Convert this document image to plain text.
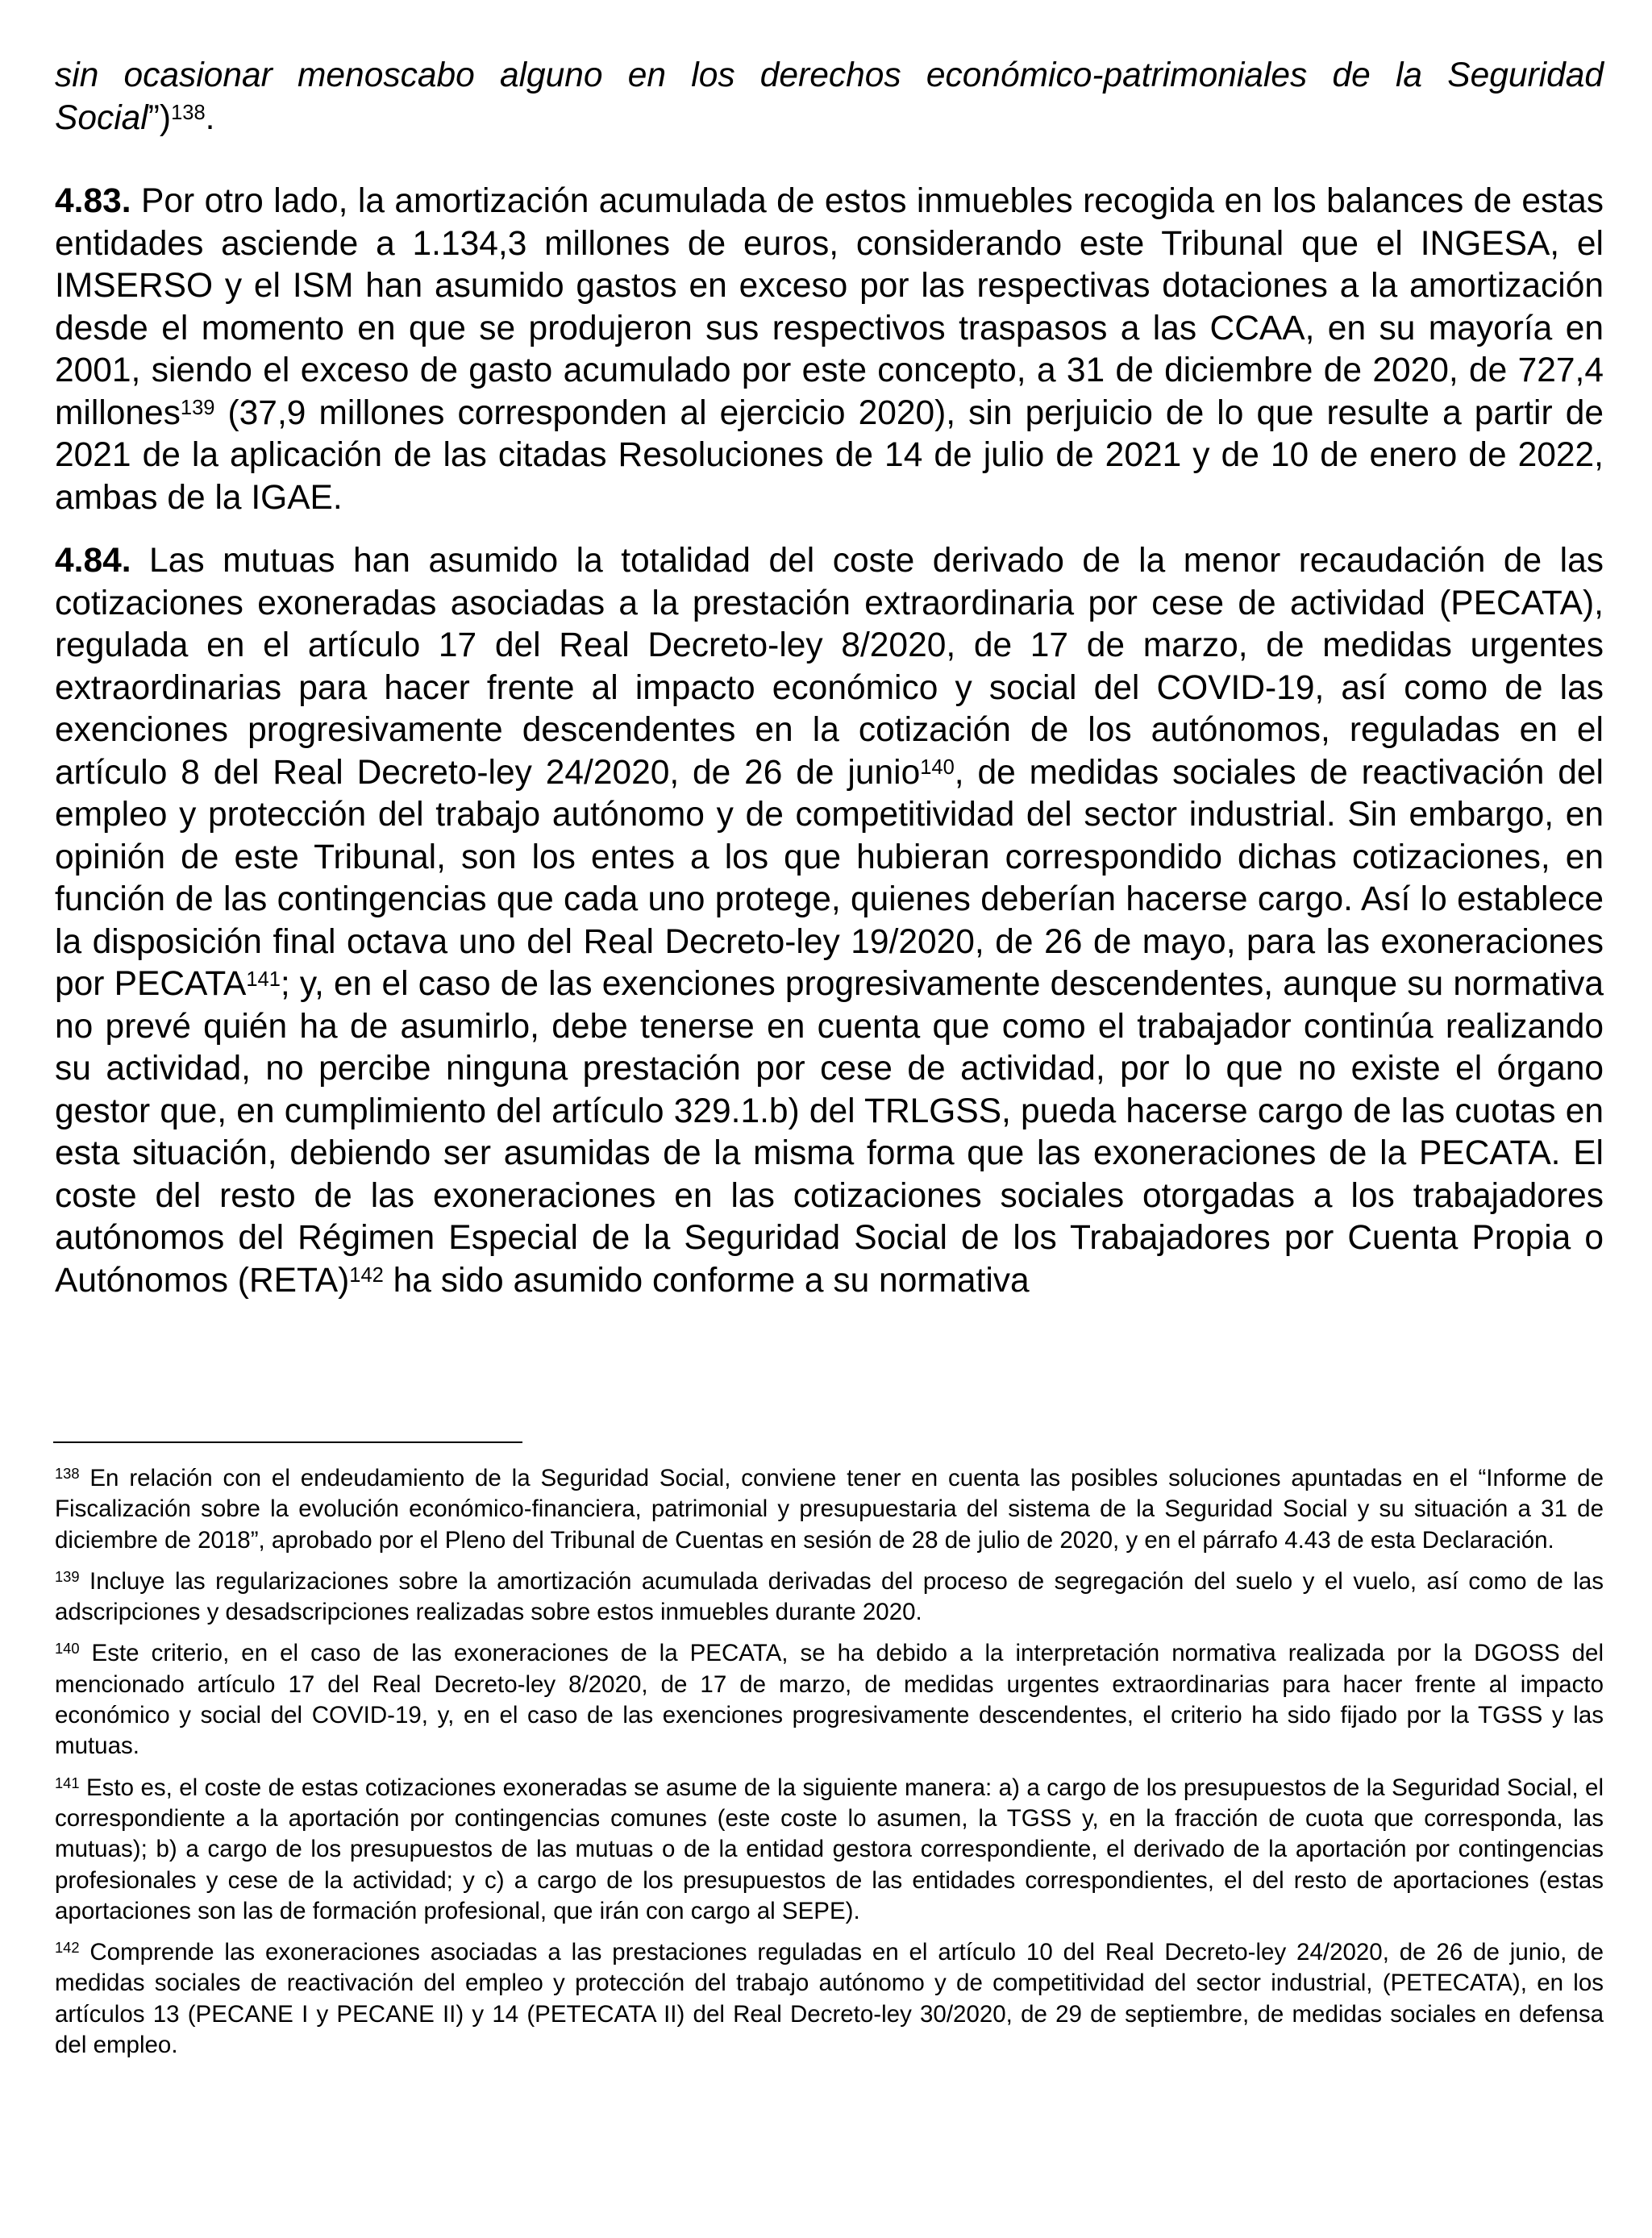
sin ocasionar menoscabo alguno en los derechos económico-patrimoniales de la Seguridad Social”)$^{138}$.

4.83. Por otro lado, la amortización acumulada de estos inmuebles recogida en los balances de estas entidades asciende a 1.134,3 millones de euros, considerando este Tribunal que el INGESA, el IMSERSO y el ISM han asumido gastos en exceso por las respectivas dotaciones a la amortización desde el momento en que se produjeron sus respectivos traspasos a las CCAA, en su mayoría en 2001, siendo el exceso de gasto acumulado por este concepto, a 31 de diciembre de 2020, de 727,4 millones$^{139}$ (37,9 millones corresponden al ejercicio 2020), sin perjuicio de lo que resulte a partir de 2021 de la aplicación de las citadas Resoluciones de 14 de julio de 2021 y de 10 de enero de 2022, ambas de la IGAE.

4.84. Las mutuas han asumido la totalidad del coste derivado de la menor recaudación de las cotizaciones exoneradas asociadas a la prestación extraordinaria por cese de actividad (PECATA), regulada en el artículo 17 del Real Decreto-ley 8/2020, de 17 de marzo, de medidas urgentes extraordinarias para hacer frente al impacto económico y social del COVID-19, así como de las exenciones progresivamente descendentes en la cotización de los autónomos, reguladas en el artículo 8 del Real Decreto-ley 24/2020, de 26 de junio$^{140}$, de medidas sociales de reactivación del empleo y protección del trabajo autónomo y de competitividad del sector industrial. Sin embargo, en opinión de este Tribunal, son los entes a los que hubieran correspondido dichas cotizaciones, en función de las contingencias que cada uno protege, quienes deberían hacerse cargo. Así lo establece la disposición final octava uno del Real Decreto-ley 19/2020, de 26 de mayo, para las exoneraciones por PECATA$^{141}$; y, en el caso de las exenciones progresivamente descendentes, aunque su normativa no prevé quién ha de asumirlo, debe tenerse en cuenta que como el trabajador continúa realizando su actividad, no percibe ninguna prestación por cese de actividad, por lo que no existe el órgano gestor que, en cumplimiento del artículo 329.1.b) del TRLGSS, pueda hacerse cargo de las cuotas en esta situación, debiendo ser asumidas de la misma forma que las exoneraciones de la PECATA. El coste del resto de las exoneraciones en las cotizaciones sociales otorgadas a los trabajadores autónomos del Régimen Especial de la Seguridad Social de los Trabajadores por Cuenta Propia o Autónomos (RETA)$^{142}$ ha sido asumido conforme a su normativa

$^{138}$ En relación con el endeudamiento de la Seguridad Social, conviene tener en cuenta las posibles soluciones apuntadas en el “Informe de Fiscalización sobre la evolución económico-financiera, patrimonial y presupuestaria del sistema de la Seguridad Social y su situación a 31 de diciembre de 2018”, aprobado por el Pleno del Tribunal de Cuentas en sesión de 28 de julio de 2020, y en el párrafo 4.43 de esta Declaración.

$^{139}$ Incluye las regularizaciones sobre la amortización acumulada derivadas del proceso de segregación del suelo y el vuelo, así como de las adscripciones y desadscripciones realizadas sobre estos inmuebles durante 2020.

$^{140}$ Este criterio, en el caso de las exoneraciones de la PECATA, se ha debido a la interpretación normativa realizada por la DGOSS del mencionado artículo 17 del Real Decreto-ley 8/2020, de 17 de marzo, de medidas urgentes extraordinarias para hacer frente al impacto económico y social del COVID-19, y, en el caso de las exenciones progresivamente descendentes, el criterio ha sido fijado por la TGSS y las mutuas.

$^{141}$ Esto es, el coste de estas cotizaciones exoneradas se asume de la siguiente manera: a) a cargo de los presupuestos de la Seguridad Social, el correspondiente a la aportación por contingencias comunes (este coste lo asumen, la TGSS y, en la fracción de cuota que corresponda, las mutuas); b) a cargo de los presupuestos de las mutuas o de la entidad gestora correspondiente, el derivado de la aportación por contingencias profesionales y cese de la actividad; y c) a cargo de los presupuestos de las entidades correspondientes, el del resto de aportaciones (estas aportaciones son las de formación profesional, que irán con cargo al SEPE).

$^{142}$ Comprende las exoneraciones asociadas a las prestaciones reguladas en el artículo 10 del Real Decreto-ley 24/2020, de 26 de junio, de medidas sociales de reactivación del empleo y protección del trabajo autónomo y de competitividad del sector industrial, (PETECATA), en los artículos 13 (PECANE I y PECANE II) y 14 (PETECATA II) del Real Decreto-ley 30/2020, de 29 de septiembre, de medidas sociales en defensa del empleo.
